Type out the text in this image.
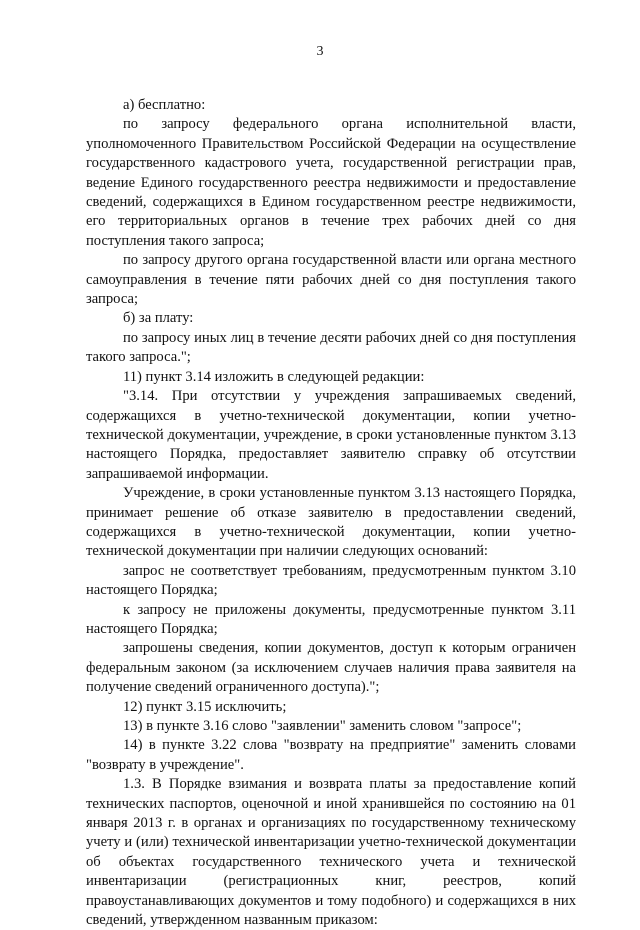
3

а) бесплатно:

по запросу федерального органа исполнительной власти, уполномоченного Правительством Российской Федерации на осуществление государственного кадастрового учета, государственной регистрации прав, ведение Единого государственного реестра недвижимости и предоставление сведений, содержащихся в Едином государственном реестре недвижимости, его территориальных органов в течение трех рабочих дней со дня поступления такого запроса;

по запросу другого органа государственной власти или органа местного самоуправления в течение пяти рабочих дней со дня поступления такого запроса;

б) за плату:

по запросу иных лиц в течение десяти рабочих дней со дня поступления такого запроса.";

11) пункт 3.14 изложить в следующей редакции:

"3.14. При отсутствии у учреждения запрашиваемых сведений, содержащихся в учетно-технической документации, копии учетно-технической документации, учреждение, в сроки установленные пунктом 3.13 настоящего Порядка, предоставляет заявителю справку об отсутствии запрашиваемой информации.

Учреждение, в сроки установленные пунктом 3.13 настоящего Порядка, принимает решение об отказе заявителю в предоставлении сведений, содержащихся в учетно-технической документации, копии учетно-технической документации при наличии следующих оснований:

запрос не соответствует требованиям, предусмотренным пунктом 3.10 настоящего Порядка;

к запросу не приложены документы, предусмотренные пунктом 3.11 настоящего Порядка;

запрошены сведения, копии документов, доступ к которым ограничен федеральным законом (за исключением случаев наличия права заявителя на получение сведений ограниченного доступа).";

12) пункт 3.15 исключить;

13) в пункте 3.16 слово "заявлении" заменить словом "запросе";

14) в пункте 3.22 слова "возврату на предприятие" заменить словами "возврату в учреждение".

1.3. В Порядке взимания и возврата платы за предоставление копий технических паспортов, оценочной и иной хранившейся по состоянию на 01 января 2013 г. в органах и организациях по государственному техническому учету и (или) технической инвентаризации учетно-технической документации об объектах государственного технического учета и технической инвентаризации (регистрационных книг, реестров, копий правоустанавливающих документов и тому подобного) и содержащихся в них сведений, утвержденном названным приказом:
